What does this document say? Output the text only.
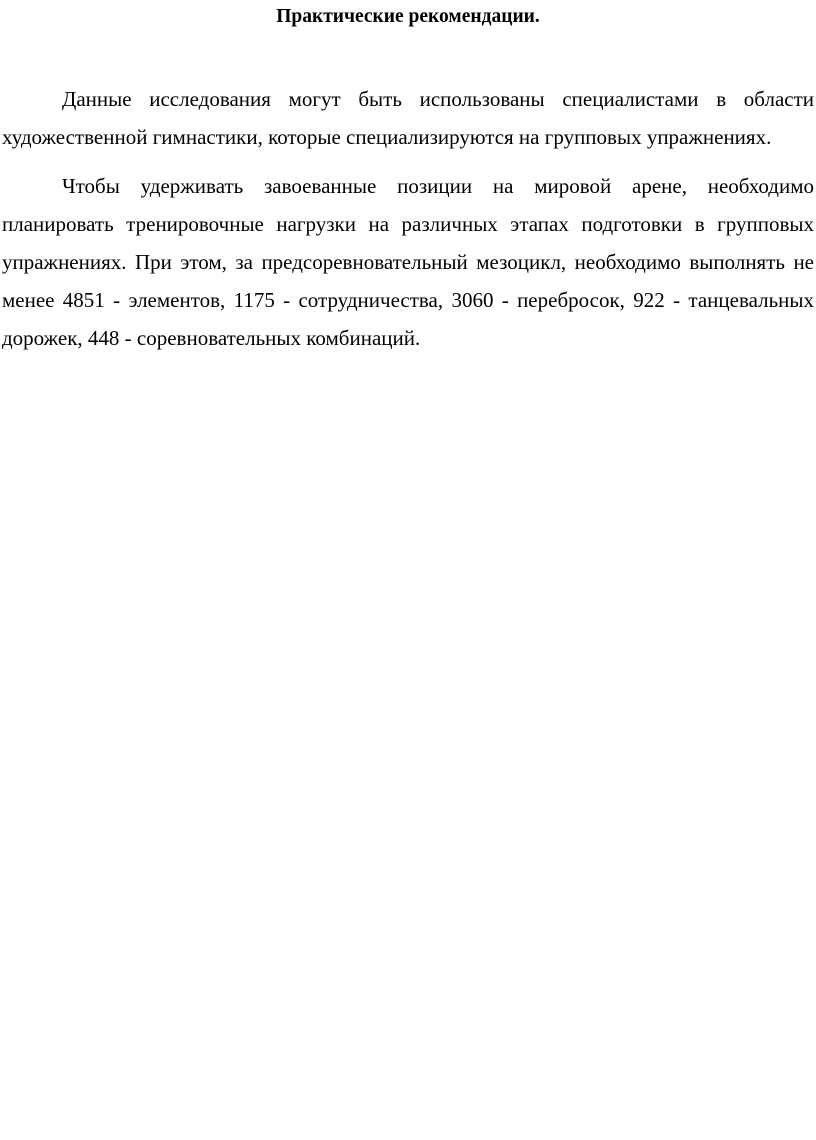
Практические рекомендации.

Данные исследования могут быть использованы специалистами в области художественной гимнастики, которые специализируются на групповых упражнениях.

Чтобы удерживать завоеванные позиции на мировой арене, необходимо планировать тренировочные нагрузки на различных этапах подготовки в групповых упражнениях. При этом, за предсоревновательный мезоцикл, необходимо выполнять не менее 4851 - элементов, 1175 - сотрудничества, 3060 - перебросок, 922 - танцевальных дорожек, 448 - соревновательных комбинаций.
